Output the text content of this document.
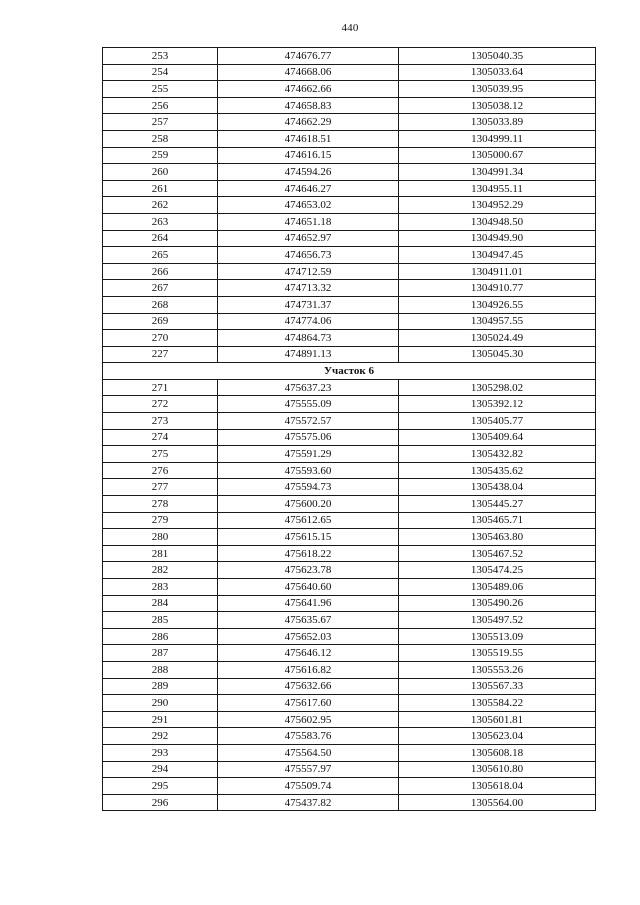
440
253	474676.77	1305040.35
254	474668.06	1305033.64
255	474662.66	1305039.95
256	474658.83	1305038.12
257	474662.29	1305033.89
258	474618.51	1304999.11
259	474616.15	1305000.67
260	474594.26	1304991.34
261	474646.27	1304955.11
262	474653.02	1304952.29
263	474651.18	1304948.50
264	474652.97	1304949.90
265	474656.73	1304947.45
266	474712.59	1304911.01
267	474713.32	1304910.77
268	474731.37	1304926.55
269	474774.06	1304957.55
270	474864.73	1305024.49
227	474891.13	1305045.30
Участок 6		
271	475637.23	1305298.02
272	475555.09	1305392.12
273	475572.57	1305405.77
274	475575.06	1305409.64
275	475591.29	1305432.82
276	475593.60	1305435.62
277	475594.73	1305438.04
278	475600.20	1305445.27
279	475612.65	1305465.71
280	475615.15	1305463.80
281	475618.22	1305467.52
282	475623.78	1305474.25
283	475640.60	1305489.06
284	475641.96	1305490.26
285	475635.67	1305497.52
286	475652.03	1305513.09
287	475646.12	1305519.55
288	475616.82	1305553.26
289	475632.66	1305567.33
290	475617.60	1305584.22
291	475602.95	1305601.81
292	475583.76	1305623.04
293	475564.50	1305608.18
294	475557.97	1305610.80
295	475509.74	1305618.04
296	475437.82	1305564.00
